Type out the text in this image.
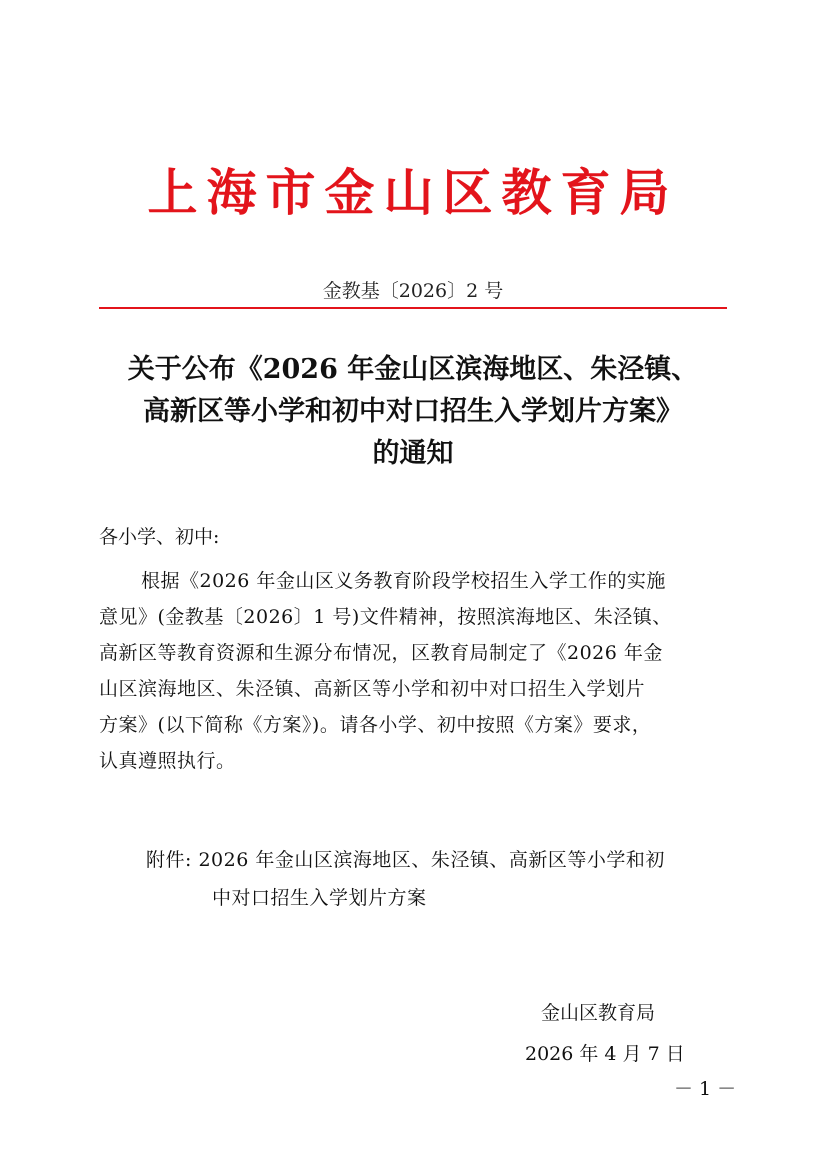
上海市金山区教育局
金教基〔2026〕2 号
关于公布《2026 年金山区滨海地区、朱泾镇、
高新区等小学和初中对口招生入学划片方案》
的通知
各小学、初中:
根据《2026 年金山区义务教育阶段学校招生入学工作的实施
意见》(金教基〔2026〕1 号)文件精神，按照滨海地区、朱泾镇、
高新区等教育资源和生源分布情况，区教育局制定了《2026 年金
山区滨海地区、朱泾镇、高新区等小学和初中对口招生入学划片
方案》(以下简称《方案》)。请各小学、初中按照《方案》要求，
认真遵照执行。
附件: 2026 年金山区滨海地区、朱泾镇、高新区等小学和初
中对口招生入学划片方案
金山区教育局
2026 年 4 月 7 日
－ 1 －
